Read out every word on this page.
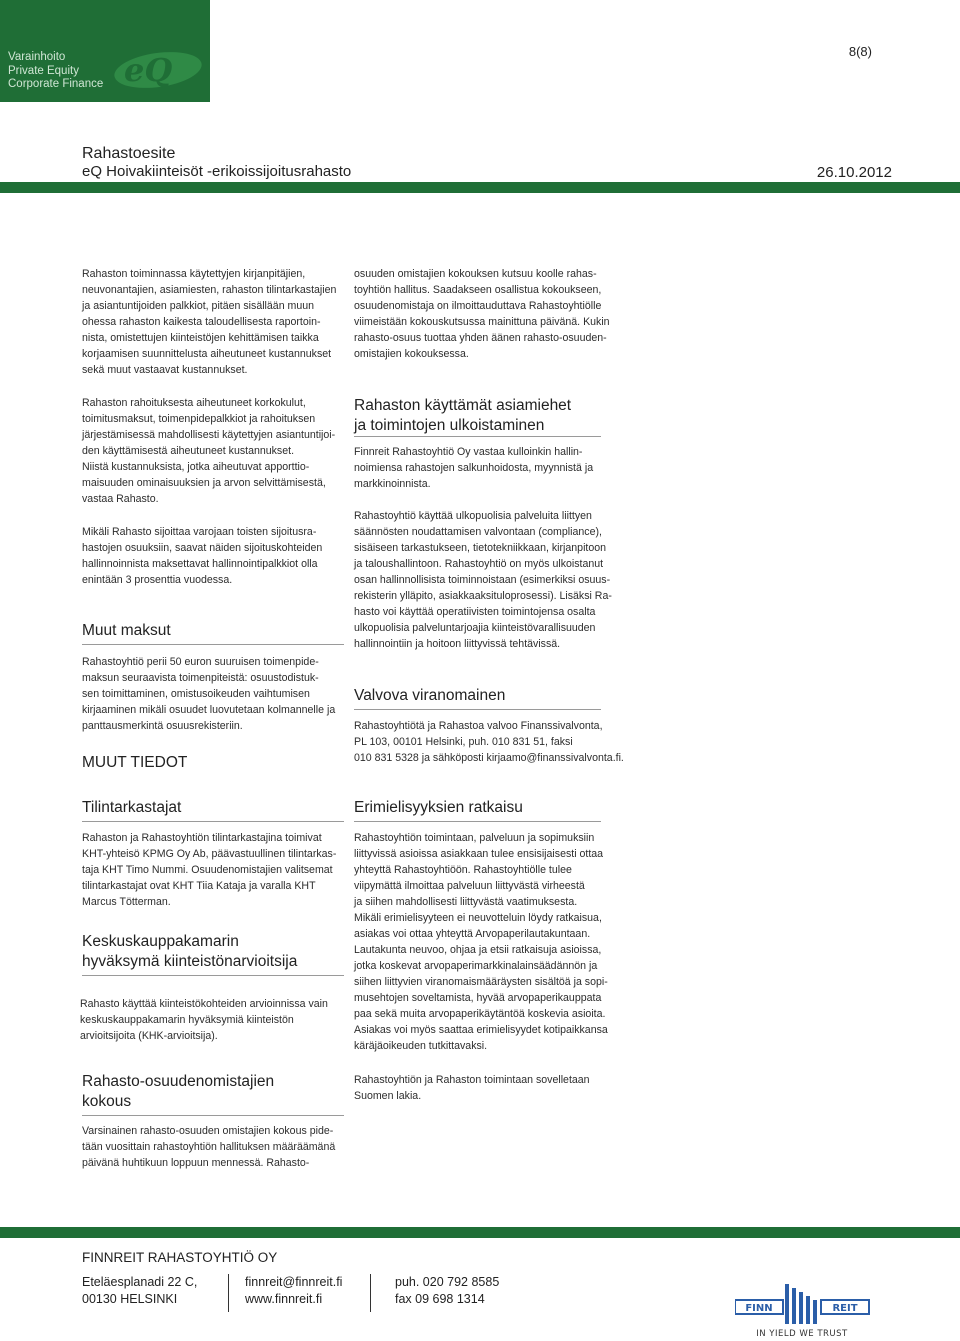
Varainhoito
Private Equity
Corporate Finance eQ	8(8)
Rahastoesite
eQ Hoivakiinteisöt -erikoissijoitusrahasto	26.10.2012
Rahaston toiminnassa käytettyjen kirjanpitäjien,
neuvonantajien, asiamiesten, rahaston tilintarkastajien
ja asiantuntijoiden palkkiot, pitäen sisällään muun
ohessa rahaston kaikesta taloudellisesta raportoin-
nista, omistettujen kiinteistöjen kehittämisen taikka
korjaamisen suunnittelusta aiheutuneet kustannukset
sekä muut vastaavat kustannukset.
Rahaston rahoituksesta aiheutuneet korkokulut,
toimitusmaksut, toimenpidepalkkiot ja rahoituksen
järjestämisessä mahdollisesti käytettyjen asiantuntijoi-
den käyttämisestä aiheutuneet kustannukset.
Niistä kustannuksista, jotka aiheutuvat apporttio-
maisuuden ominaisuuksien ja arvon selvittämisestä,
vastaa Rahasto.
Mikäli Rahasto sijoittaa varojaan toisten sijoitusra-
hastojen osuuksiin, saavat näiden sijoituskohteiden
hallinnoinnista maksettavat hallinnointipalkkiot olla
enintään 3 prosenttia vuodessa.
Muut maksut
Rahastoyhtiö perii 50 euron suuruisen toimenpide-
maksun seuraavista toimenpiteistä: osuustodistuk-
sen toimittaminen, omistusoikeuden vaihtumisen
kirjaaminen mikäli osuudet luovutetaan kolmannelle ja
panttausmerkintä osuusrekisteriin.
MUUT TIEDOT
Tilintarkastajat
Rahaston ja Rahastoyhtiön tilintarkastajina toimivat
KHT-yhteisö KPMG Oy Ab, päävastuullinen tilintarkas-
taja KHT Timo Nummi. Osuudenomistajien valitsemat
tilintarkastajat ovat KHT Tiia Kataja ja varalla KHT
Marcus Tötterman.
Keskuskauppakamarin
hyväksymä kiinteistönarvioitsija
Rahasto käyttää kiinteistökohteiden arvioinnissa vain
keskuskauppakamarin hyväksymiä kiinteistön
arvioitsijoita (KHK-arvioitsija).
Rahasto-osuudenomistajien
kokous
Varsinainen rahasto-osuuden omistajien kokous pide-
tään vuosittain rahastoyhtiön hallituksen määräämänä
päivänä huhtikuun loppuun mennessä. Rahasto-
osuuden omistajien kokouksen kutsuu koolle rahas-
toyhtiön hallitus. Saadakseen osallistua kokoukseen,
osuudenomistaja on ilmoittauduttava Rahastoyhtiölle
viimeistään kokouskutsussa mainittuna päivänä. Kukin
rahasto-osuus tuottaa yhden äänen rahasto-osuuden-
omistajien kokouksessa.
Rahaston käyttämät asiamiehet
ja toimintojen ulkoistaminen
Finnreit Rahastoyhtiö Oy vastaa kulloinkin hallin-
noimiensa rahastojen salkunhoidosta, myynnistä ja
markkinoinnista.
Rahastoyhtiö käyttää ulkopuolisia palveluita liittyen
säännösten noudattamisen valvontaan (compliance),
sisäiseen tarkastukseen, tietotekniikkaan, kirjanpitoon
ja taloushallintoon. Rahastoyhtiö on myös ulkoistanut
osan hallinnollisista toiminnoistaan (esimerkiksi osuus-
rekisterin ylläpito, asiakkaaksituloprosessi). Lisäksi Ra-
hasto voi käyttää operatiivisten toimintojensa osalta
ulkopuolisia palveluntarjoajia kiinteistövarallisuuden
hallinnointiin ja hoitoon liittyvissä tehtävissä.
Valvova viranomainen
Rahastoyhtiötä ja Rahastoa valvoo Finanssivalvonta,
PL 103, 00101 Helsinki, puh. 010 831 51, faksi
010 831 5328 ja sähköposti kirjaamo@finanssivalvonta.fi.
Erimielisyyksien ratkaisu
Rahastoyhtiön toimintaan, palveluun ja sopimuksiin
liittyvissä asioissa asiakkaan tulee ensisijaisesti ottaa
yhteyttä Rahastoyhtiöön. Rahastoyhtiölle tulee
viipymättä ilmoittaa palveluun liittyvästä virheestä
ja siihen mahdollisesti liittyvästä vaatimuksesta.
Mikäli erimielisyyteen ei neuvotteluin löydy ratkaisua,
asiakas voi ottaa yhteyttä Arvopaperilautakuntaan.
Lautakunta neuvoo, ohjaa ja etsii ratkaisuja asioissa,
jotka koskevat arvopaperimarkkinalainsäädännön ja
siihen liittyvien viranomaismääräysten sisältöä ja sopi-
musehtojen soveltamista, hyvää arvopaperikauppata
paa sekä muita arvopaperikäytäntöä koskevia asioita.
Asiakas voi myös saattaa erimielisyydet kotipaikkansa
käräjäoikeuden tutkittavaksi.
Rahastoyhtiön ja Rahaston toimintaan sovelletaan
Suomen lakia.
FINNREIT RAHASTOYHTIÖ OY
Eteläesplanadi 22 C,
00130 HELSINKI
finnreit@finnreit.fi
www.finnreit.fi
puh. 020 792 8585
fax 09 698 1314
FINN	REIT
IN YIELD WE TRUST
